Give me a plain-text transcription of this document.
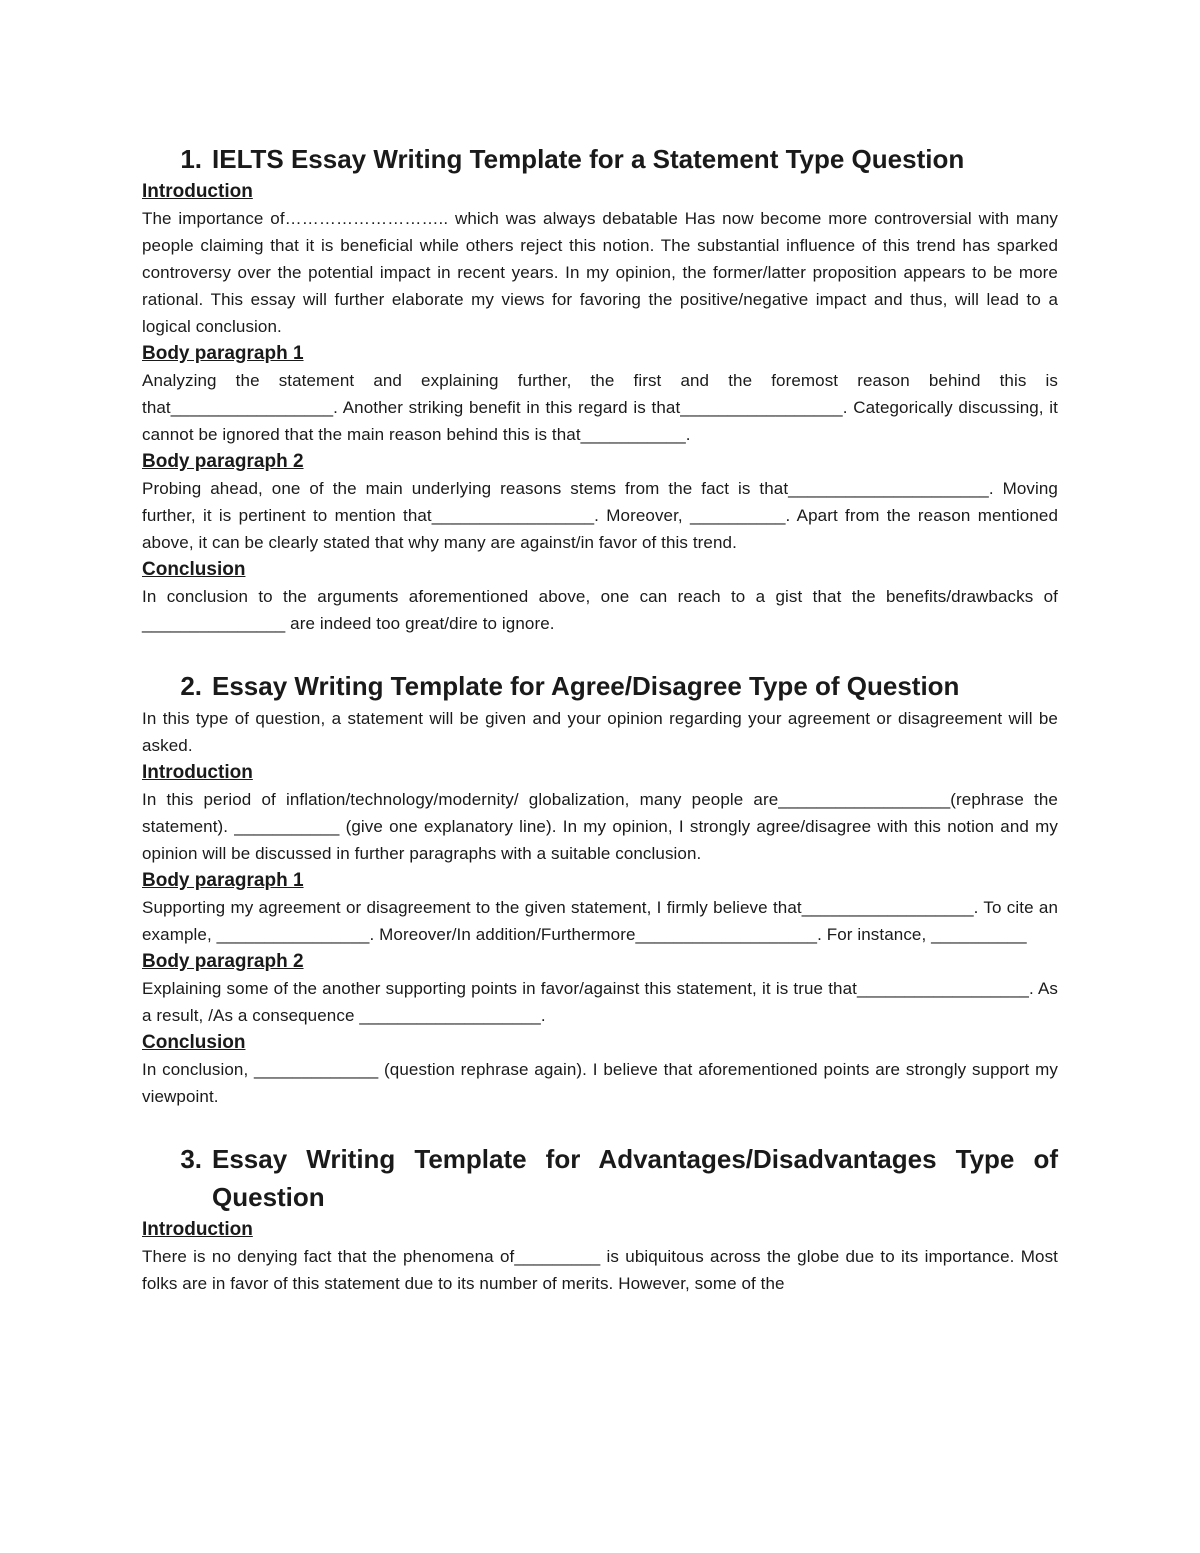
1. IELTS Essay Writing Template for a Statement Type Question

Introduction

The importance of……………………….. which was always debatable Has now become more controversial with many people claiming that it is beneficial while others reject this notion. The substantial influence of this trend has sparked controversy over the potential impact in recent years. In my opinion, the former/latter proposition appears to be more rational. This essay will further elaborate my views for favoring the positive/negative impact and thus, will lead to a logical conclusion.

Body paragraph 1

Analyzing the statement and explaining further, the first and the foremost reason behind this is that_________________. Another striking benefit in this regard is that_________________. Categorically discussing, it cannot be ignored that the main reason behind this is that___________.

Body paragraph 2

Probing ahead, one of the main underlying reasons stems from the fact is that_____________________. Moving further, it is pertinent to mention that_________________. Moreover, __________. Apart from the reason mentioned above, it can be clearly stated that why many are against/in favor of this trend.

Conclusion

In conclusion to the arguments aforementioned above, one can reach to a gist that the benefits/drawbacks of _______________ are indeed too great/dire to ignore.

2. Essay Writing Template for Agree/Disagree Type of Question

In this type of question, a statement will be given and your opinion regarding your agreement or disagreement will be asked.

Introduction

In this period of inflation/technology/modernity/ globalization, many people are__________________(rephrase the statement). ___________ (give one explanatory line). In my opinion, I strongly agree/disagree with this notion and my opinion will be discussed in further paragraphs with a suitable conclusion.

Body paragraph 1

Supporting my agreement or disagreement to the given statement, I firmly believe that__________________. To cite an example, ________________. Moreover/In addition/Furthermore___________________. For instance, __________

Body paragraph 2

Explaining some of the another supporting points in favor/against this statement, it is true that__________________. As a result, /As a consequence ___________________.

Conclusion

In conclusion, _____________ (question rephrase again). I believe that aforementioned points are strongly support my viewpoint.

3. Essay Writing Template for Advantages/Disadvantages Type of Question

Introduction

There is no denying fact that the phenomena of_________ is ubiquitous across the globe due to its importance. Most folks are in favor of this statement due to its number of merits. However, some of the
